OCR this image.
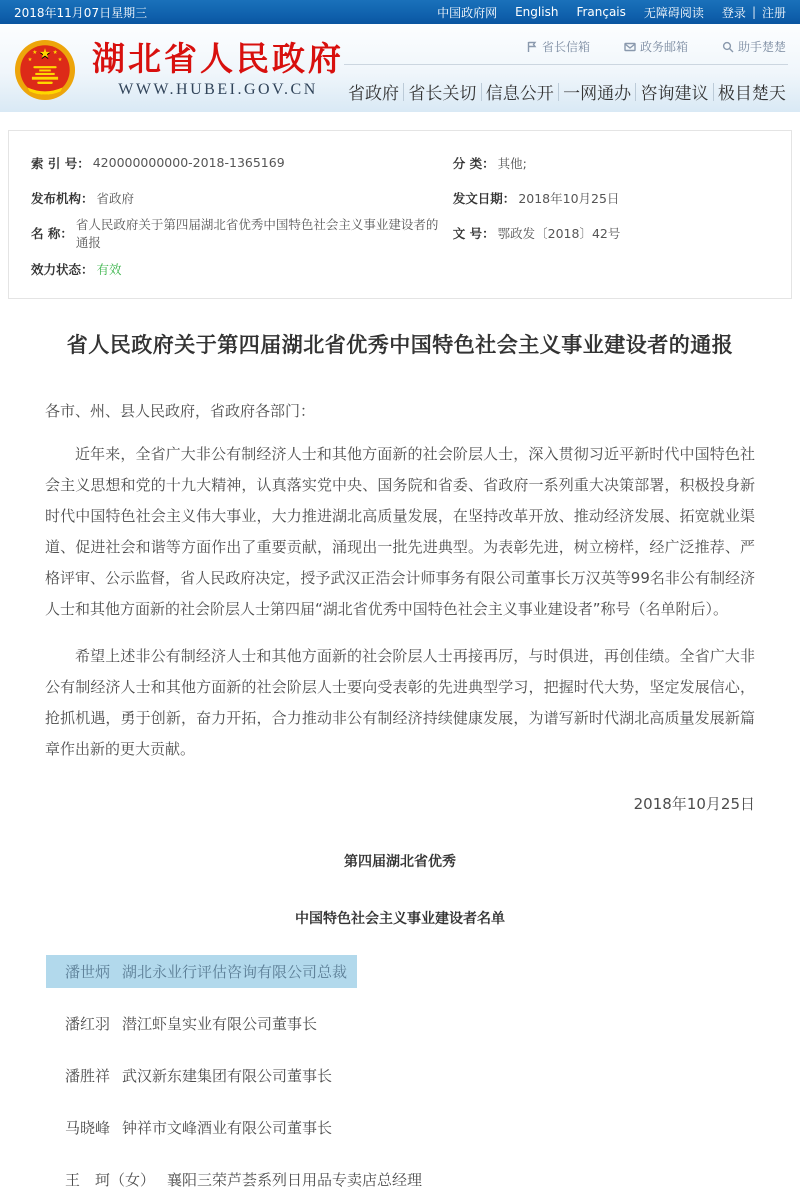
2018年11月07日星期三	中国政府网 English Français 无障碍阅读 登录 | 注册
湖北省人民政府
WWW.HUBEI.GOV.CN
省长信箱	政务邮箱	助手楚楚
省政府 省长关切 信息公开 一网通办 咨询建议 极目楚天
索 引 号： 420000000000-2018-1365169	分 类： 其他;
发布机构： 省政府	发文日期： 2018年10月25日
名 称：
省人民政府关于第四届湖北省优秀中国特色社会主义事业建设者的通报
文 号： 鄂政发〔2018〕42号
效力状态： 有效
省人民政府关于第四届湖北省优秀中国特色社会主义事业建设者的通报
各市、州、县人民政府，省政府各部门：

近年来，全省广大非公有制经济人士和其他方面新的社会阶层人士，深入贯彻习近平新时代中国特色社会主义思想和党的十九大精神，认真落实党中央、国务院和省委、省政府一系列重大决策部署，积极投身新时代中国特色社会主义伟大事业，大力推进湖北高质量发展，在坚持改革开放、推动经济发展、拓宽就业渠道、促进社会和谐等方面作出了重要贡献，涌现出一批先进典型。为表彰先进，树立榜样，经广泛推荐、严格评审、公示监督，省人民政府决定，授予武汉正浩会计师事务有限公司董事长万汉英等99名非公有制经济人士和其他方面新的社会阶层人士第四届“湖北省优秀中国特色社会主义事业建设者”称号（名单附后）。

希望上述非公有制经济人士和其他方面新的社会阶层人士再接再厉，与时俱进，再创佳绩。全省广大非公有制经济人士和其他方面新的社会阶层人士要向受表彰的先进典型学习，把握时代大势，坚定发展信心，抢抓机遇，勇于创新，奋力开拓，合力推动非公有制经济持续健康发展，为谱写新时代湖北高质量发展新篇章作出新的更大贡献。

2018年10月25日
第四届湖北省优秀
中国特色社会主义事业建设者名单
潘世炳 湖北永业行评估咨询有限公司总裁
潘红羽 潜江虾皇实业有限公司董事长
潘胜祥 武汉新东建集团有限公司董事长
马晓峰 钟祥市文峰酒业有限公司董事长
王　珂（女） 襄阳三荣芦荟系列日用品专卖店总经理
